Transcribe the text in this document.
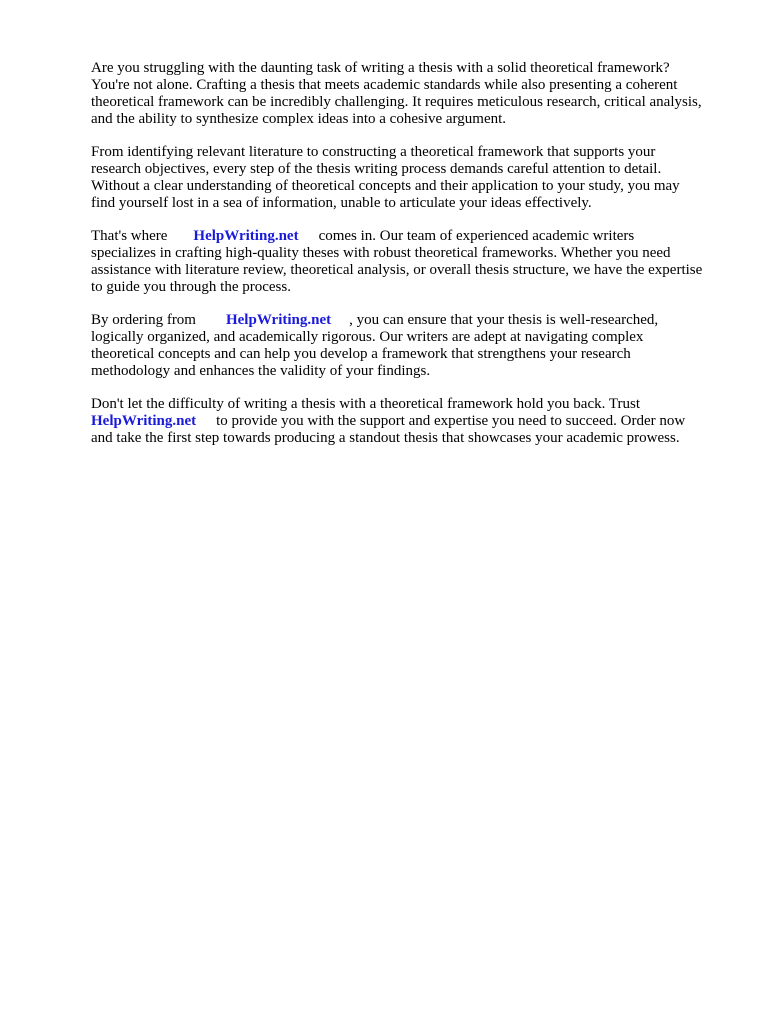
Are you struggling with the daunting task of writing a thesis with a solid theoretical framework?
You're not alone. Crafting a thesis that meets academic standards while also presenting a coherent
theoretical framework can be incredibly challenging. It requires meticulous research, critical analysis,
and the ability to synthesize complex ideas into a cohesive argument.
From identifying relevant literature to constructing a theoretical framework that supports your
research objectives, every step of the thesis writing process demands careful attention to detail.
Without a clear understanding of theoretical concepts and their application to your study, you may
find yourself lost in a sea of information, unable to articulate your ideas effectively.
That's where HelpWriting.net comes in. Our team of experienced academic writers
specializes in crafting high-quality theses with robust theoretical frameworks. Whether you need
assistance with literature review, theoretical analysis, or overall thesis structure, we have the expertise
to guide you through the process.
By ordering from HelpWriting.net , you can ensure that your thesis is well-researched,
logically organized, and academically rigorous. Our writers are adept at navigating complex
theoretical concepts and can help you develop a framework that strengthens your research
methodology and enhances the validity of your findings.
Don't let the difficulty of writing a thesis with a theoretical framework hold you back. Trust
HelpWriting.net to provide you with the support and expertise you need to succeed. Order now
and take the first step towards producing a standout thesis that showcases your academic prowess.
